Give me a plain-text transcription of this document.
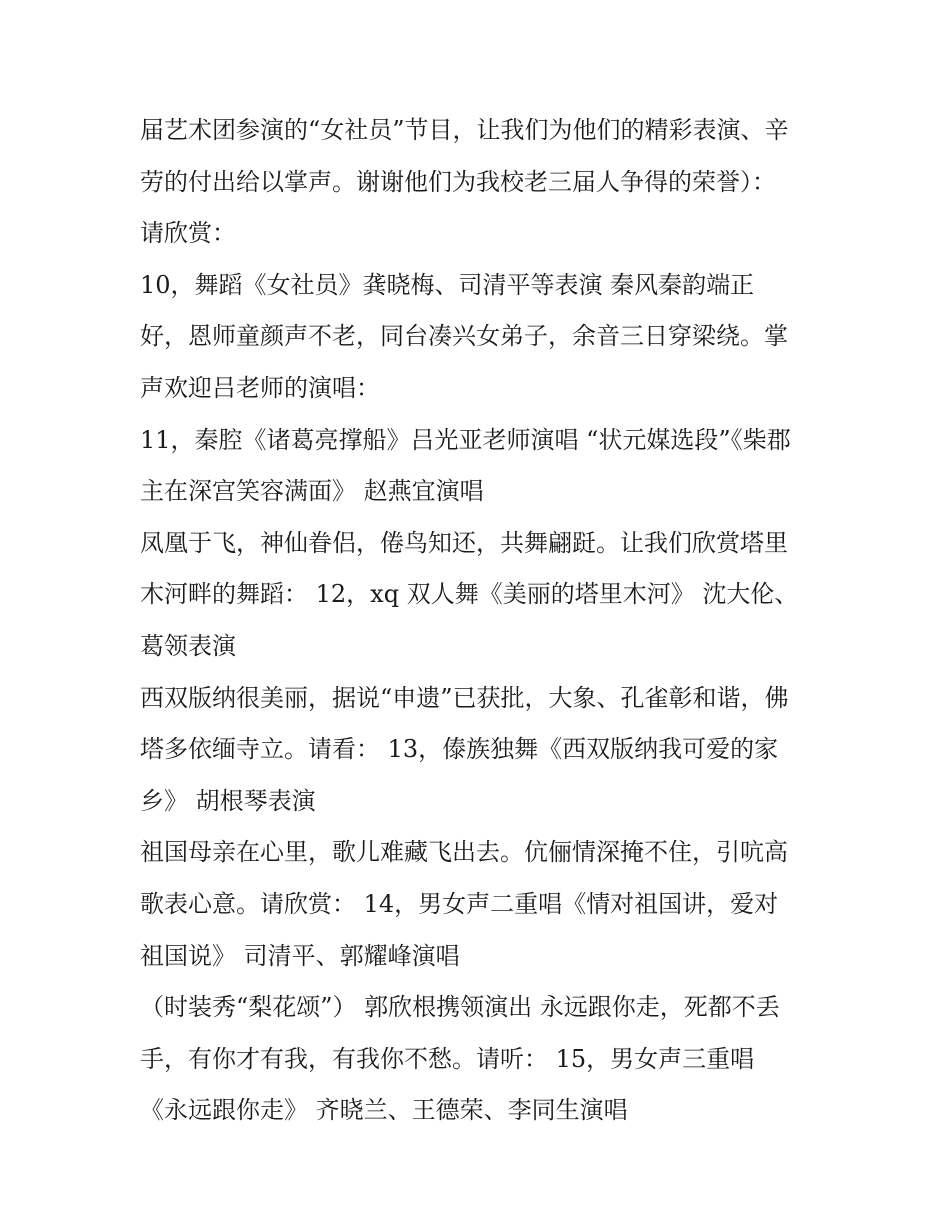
届艺术团参演的“女社员”节目，让我们为他们的精彩表演、辛
劳的付出给以掌声。谢谢他们为我校老三届人争得的荣誉）：
请欣赏：
10，舞蹈《女社员》龚晓梅、司清平等表演 秦风秦韵端正
好，恩师童颜声不老，同台凑兴女弟子，余音三日穿梁绕。掌
声欢迎吕老师的演唱：
11，秦腔《诸葛亮撑船》吕光亚老师演唱 “状元媒选段”《柴郡
主在深宫笑容满面》 赵燕宜演唱
凤凰于飞，神仙眷侣，倦鸟知还，共舞翩跹。让我们欣赏塔里
木河畔的舞蹈： 12，xq 双人舞《美丽的塔里木河》 沈大伦、
葛领表演
西双版纳很美丽，据说“申遗”已获批，大象、孔雀彰和谐，佛
塔多依缅寺立。请看： 13，傣族独舞《西双版纳我可爱的家
乡》 胡根琴表演
祖国母亲在心里，歌儿难藏飞出去。伉俪情深掩不住，引吭高
歌表心意。请欣赏： 14，男女声二重唱《情对祖国讲，爱对
祖国说》 司清平、郭耀峰演唱
（时装秀“梨花颂”） 郭欣根携领演出 永远跟你走，死都不丢
手，有你才有我，有我你不愁。请听： 15，男女声三重唱
《永远跟你走》 齐晓兰、王德荣、李同生演唱
